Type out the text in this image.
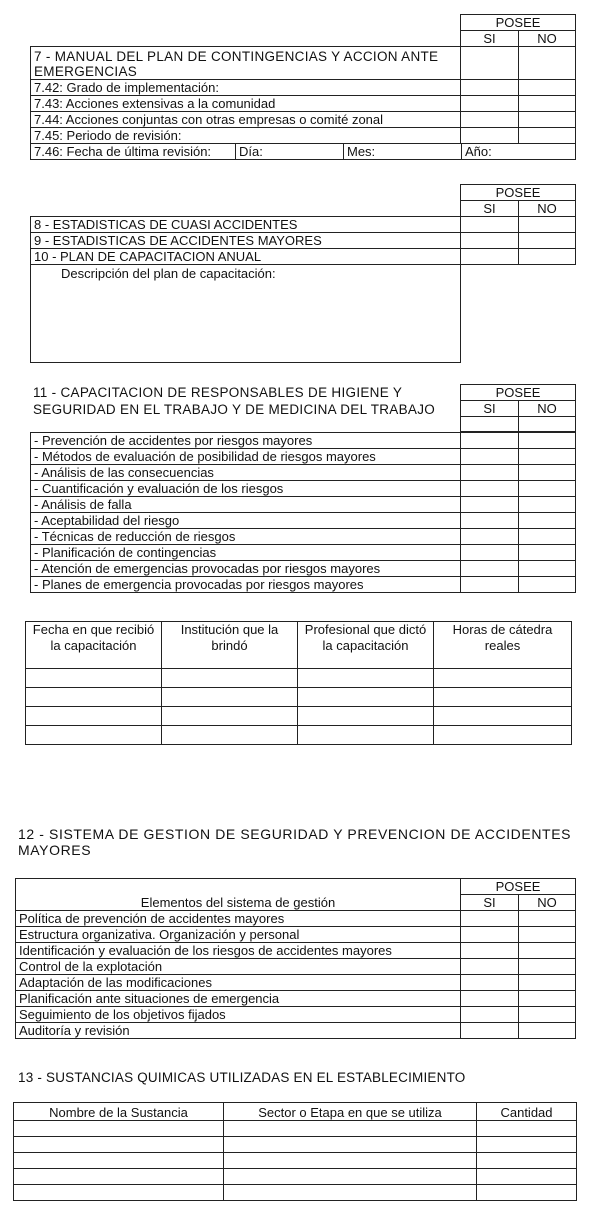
	POSEE	
	SI	NO
7 - MANUAL DEL PLAN DE CONTINGENCIAS Y ACCION ANTE EMERGENCIAS		
7.42: Grado de implementación:		
7.43: Acciones extensivas a la comunidad		
7.44: Acciones conjuntas con otras empresas o comité zonal		
7.45: Periodo de revisión:		
7.46: Fecha de última revisión:	Día:	Mes:	Año:
	POSEE	
	SI	NO
8 - ESTADISTICAS DE CUASI ACCIDENTES		
9 - ESTADISTICAS DE ACCIDENTES MAYORES		
10 - PLAN DE CAPACITACION ANUAL		
Descripción del plan de capacitación:
11 - CAPACITACION DE RESPONSABLES DE HIGIENE Y
SEGURIDAD EN EL TRABAJO Y DE MEDICINA DEL TRABAJO
POSEE	
SI	NO

- Prevención de accidentes por riesgos mayores		
- Métodos de evaluación de posibilidad de riesgos mayores		
- Análisis de las consecuencias		
- Cuantificación y evaluación de los riesgos		
- Análisis de falla		
- Aceptabilidad del riesgo		
- Técnicas de reducción de riesgos		
- Planificación de contingencias		
- Atención de emergencias provocadas por riesgos mayores		
- Planes de emergencia provocadas por riesgos mayores		
Fecha en que recibió la capacitación	Institución que la brindó	Profesional que dictó la capacitación	Horas de cátedra reales

12 - SISTEMA DE GESTION DE SEGURIDAD Y PREVENCION DE ACCIDENTES MAYORES
Elementos del sistema de gestión	POSEE	
	SI	NO
Política de prevención de accidentes mayores		
Estructura organizativa. Organización y personal		
Identificación y evaluación de los riesgos de accidentes mayores		
Control de la explotación		
Adaptación de las modificaciones		
Planificación ante situaciones de emergencia		
Seguimiento de los objetivos fijados		
Auditoría y revisión		
13 - SUSTANCIAS QUIMICAS UTILIZADAS EN EL ESTABLECIMIENTO
Nombre de la Sustancia	Sector o Etapa en que se utiliza	Cantidad
